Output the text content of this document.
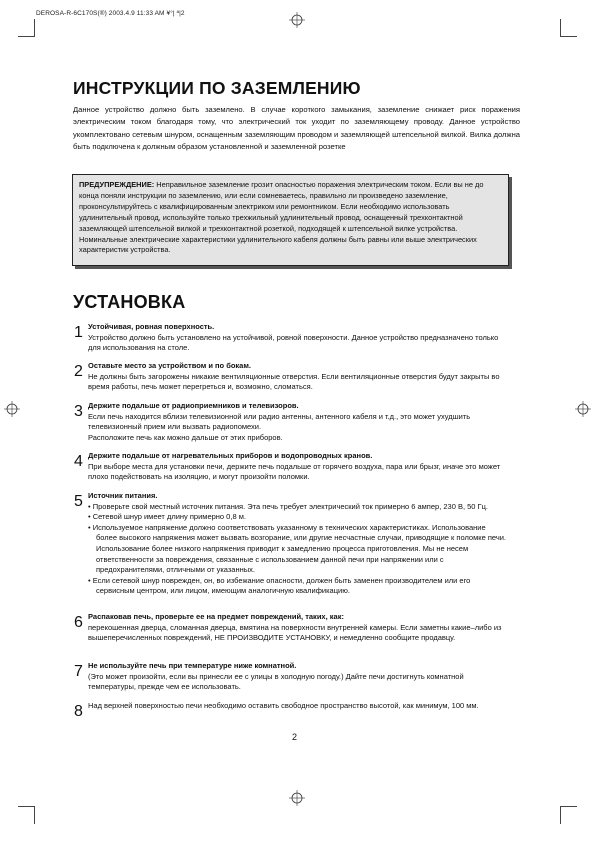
DEROSA-R-6C170S(®) 2003.4.9 11:33 AM ¥°| ª|2
ИНСТРУКЦИИ ПО ЗАЗЕМЛЕНИЮ

Данное устройство должно быть заземлено. В случае короткого замыкания, заземление снижает риск поражения электрическим током благодаря тому, что электрический ток уходит по заземляющему проводу. Данное устройство укомплектовано сетевым шнуром, оснащенным заземляющим проводом и заземляющей штепсельной вилкой. Вилка должна быть подключена к должным образом установленной и заземленной розетке

ПРЕДУПРЕЖДЕНИЕ: Неправильное заземление грозит опасностью поражения электрическим током. Если вы не до конца поняли инструкции по заземлению, или если сомневаетесь, правильно ли произведено заземление, проконсультируйтесь с квалифицированным электриком или ремонтником. Если необходимо использовать удлинительный провод, используйте только трехжильный удлинительный провод, оснащенный трехконтактной заземляющей штепсельной вилкой и трехконтактной розеткой, подходящей к штепсельной вилке устройства. Номинальные электрические характеристики удлинительного кабеля должны быть равны или выше электрических характеристик устройства.
УСТАНОВКА
1 Устойчивая, ровная поверхность.
Устройство должно быть установлено на устойчивой, ровной поверхности. Данное устройство предназначено только для использования на столе.
2 Оставьте место за устройством и по бокам.
Не должны быть загорожены никакие вентиляционные отверстия. Если вентиляционные отверстия будут закрыты во время работы, печь может перегреться и, возможно, сломаться.
3 Держите подальше от радиоприемников и телевизоров.
Если печь находится вблизи телевизионной или радио антенны, антенного кабеля и т.д., это может ухудшить телевизионный прием или вызвать радиопомехи.
Расположите печь как можно дальше от этих приборов.
4 Держите подальше от нагревательных приборов и водопроводных кранов.
При выборе места для установки печи, держите печь подальше от горячего воздуха, пара или брызг, иначе это может плохо подействовать на изоляцию, и могут произойти поломки.
5 Источник питания.
• Проверьте свой местный источник питания. Эта печь требует электрический ток примерно 6 ампер, 230 В, 50 Гц.
• Сетевой шнур имеет длину примерно 0,8 м.
• Используемое напряжение должно соответствовать указанному в технических характеристиках. Использование более высокого напряжения может вызвать возгорание, или другие несчастные случаи, приводящие к поломке печи. Использование более низкого напряжения приводит к замедлению процесса приготовления. Мы не несем ответственности за повреждения, связанные с использованием данной печи при напряжении или с предохранителями, отличными от указанных.
• Если сетевой шнур поврежден, он, во избежание опасности, должен быть заменен производителем или его сервисным центром, или лицом, имеющим аналогичную квалификацию.
6 Распаковав печь, проверьте ее на предмет повреждений, таких, как:
перекошенная дверца, сломанная дверца, вмятина на поверхности внутренней камеры. Если заметны какие–либо из вышеперечисленных повреждений, НЕ ПРОИЗВОДИТЕ УСТАНОВКУ, и немедленно сообщите продавцу.
7 Не используйте печь при температуре ниже комнатной.
(Это может произойти, если вы принесли ее с улицы в холодную погоду.) Дайте печи достигнуть комнатной температуры, прежде чем ее использовать.
8 Над верхней поверхностью печи необходимо оставить свободное пространство высотой, как минимум, 100 мм.
2
